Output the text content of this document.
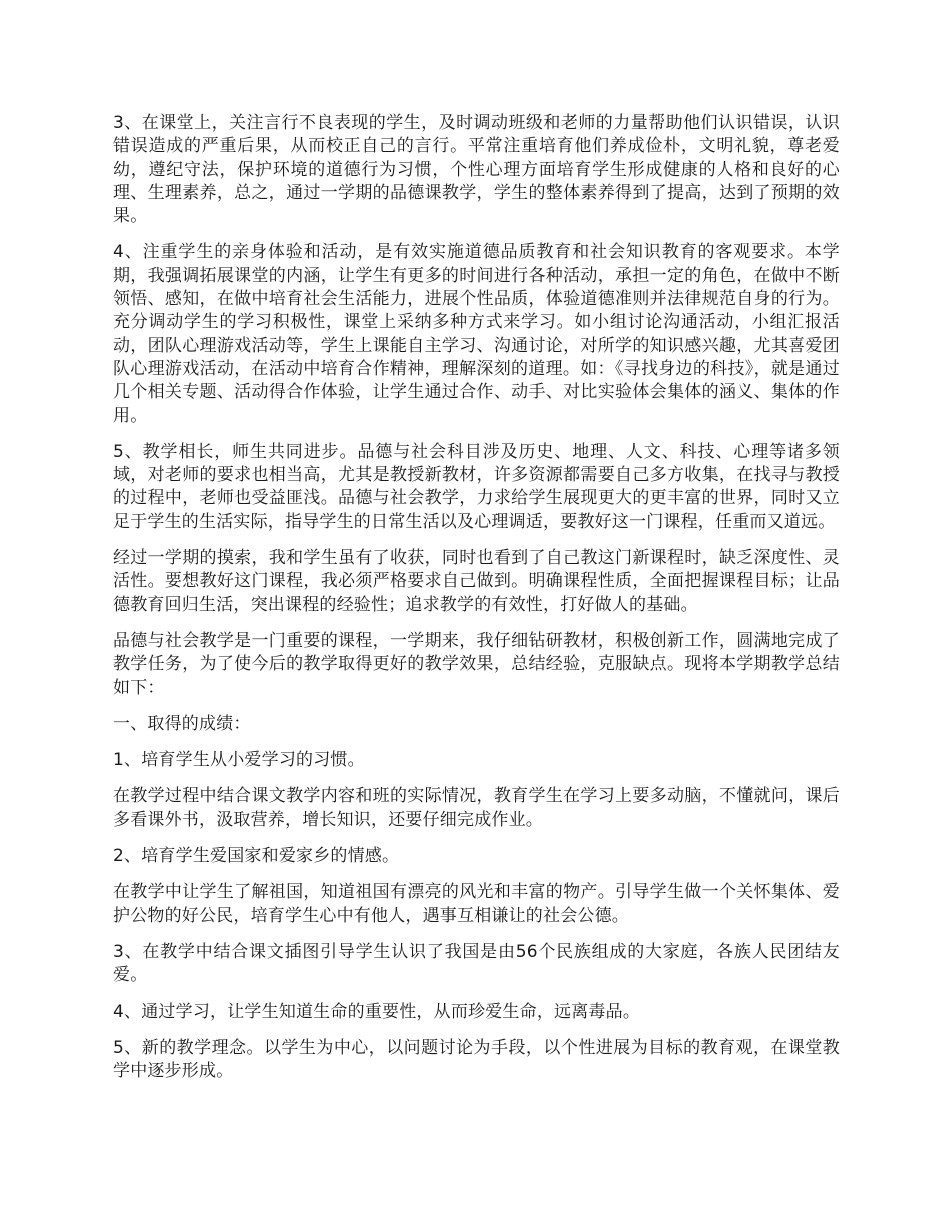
3、在课堂上，关注言行不良表现的学生，及时调动班级和老师的力量帮助他们认识错误，认识错误造成的严重后果，从而校正自己的言行。平常注重培育他们养成俭朴，文明礼貌，尊老爱幼，遵纪守法，保护环境的道德行为习惯，个性心理方面培育学生形成健康的人格和良好的心理、生理素养，总之，通过一学期的品德课教学，学生的整体素养得到了提高，达到了预期的效果。

4、注重学生的亲身体验和活动，是有效实施道德品质教育和社会知识教育的客观要求。本学期，我强调拓展课堂的内涵，让学生有更多的时间进行各种活动，承担一定的角色，在做中不断领悟、感知，在做中培育社会生活能力，进展个性品质，体验道德准则并法律规范自身的行为。充分调动学生的学习积极性，课堂上采纳多种方式来学习。如小组讨论沟通活动，小组汇报活动，团队心理游戏活动等，学生上课能自主学习、沟通讨论，对所学的知识感兴趣，尤其喜爱团队心理游戏活动，在活动中培育合作精神，理解深刻的道理。如：《寻找身边的科技》，就是通过几个相关专题、活动得合作体验，让学生通过合作、动手、对比实验体会集体的涵义、集体的作用。

5、教学相长，师生共同进步。品德与社会科目涉及历史、地理、人文、科技、心理等诸多领域，对老师的要求也相当高，尤其是教授新教材，许多资源都需要自己多方收集，在找寻与教授的过程中，老师也受益匪浅。品德与社会教学，力求给学生展现更大的更丰富的世界，同时又立足于学生的生活实际，指导学生的日常生活以及心理调适，要教好这一门课程，任重而又道远。

经过一学期的摸索，我和学生虽有了收获，同时也看到了自己教这门新课程时，缺乏深度性、灵活性。要想教好这门课程，我必须严格要求自己做到。明确课程性质，全面把握课程目标；让品德教育回归生活，突出课程的经验性；追求教学的有效性，打好做人的基础。

品德与社会教学是一门重要的课程，一学期来，我仔细钻研教材，积极创新工作，圆满地完成了教学任务，为了使今后的教学取得更好的教学效果，总结经验，克服缺点。现将本学期教学总结如下：

一、取得的成绩：

1、培育学生从小爱学习的习惯。

在教学过程中结合课文教学内容和班的实际情况，教育学生在学习上要多动脑，不懂就问，课后多看课外书，汲取营养，增长知识，还要仔细完成作业。

2、培育学生爱国家和爱家乡的情感。

在教学中让学生了解祖国，知道祖国有漂亮的风光和丰富的物产。引导学生做一个关怀集体、爱护公物的好公民，培育学生心中有他人，遇事互相谦让的社会公德。

3、在教学中结合课文插图引导学生认识了我国是由56个民族组成的大家庭，各族人民团结友爱。

4、通过学习，让学生知道生命的重要性，从而珍爱生命，远离毒品。

5、新的教学理念。以学生为中心，以问题讨论为手段，以个性进展为目标的教育观，在课堂教学中逐步形成。
